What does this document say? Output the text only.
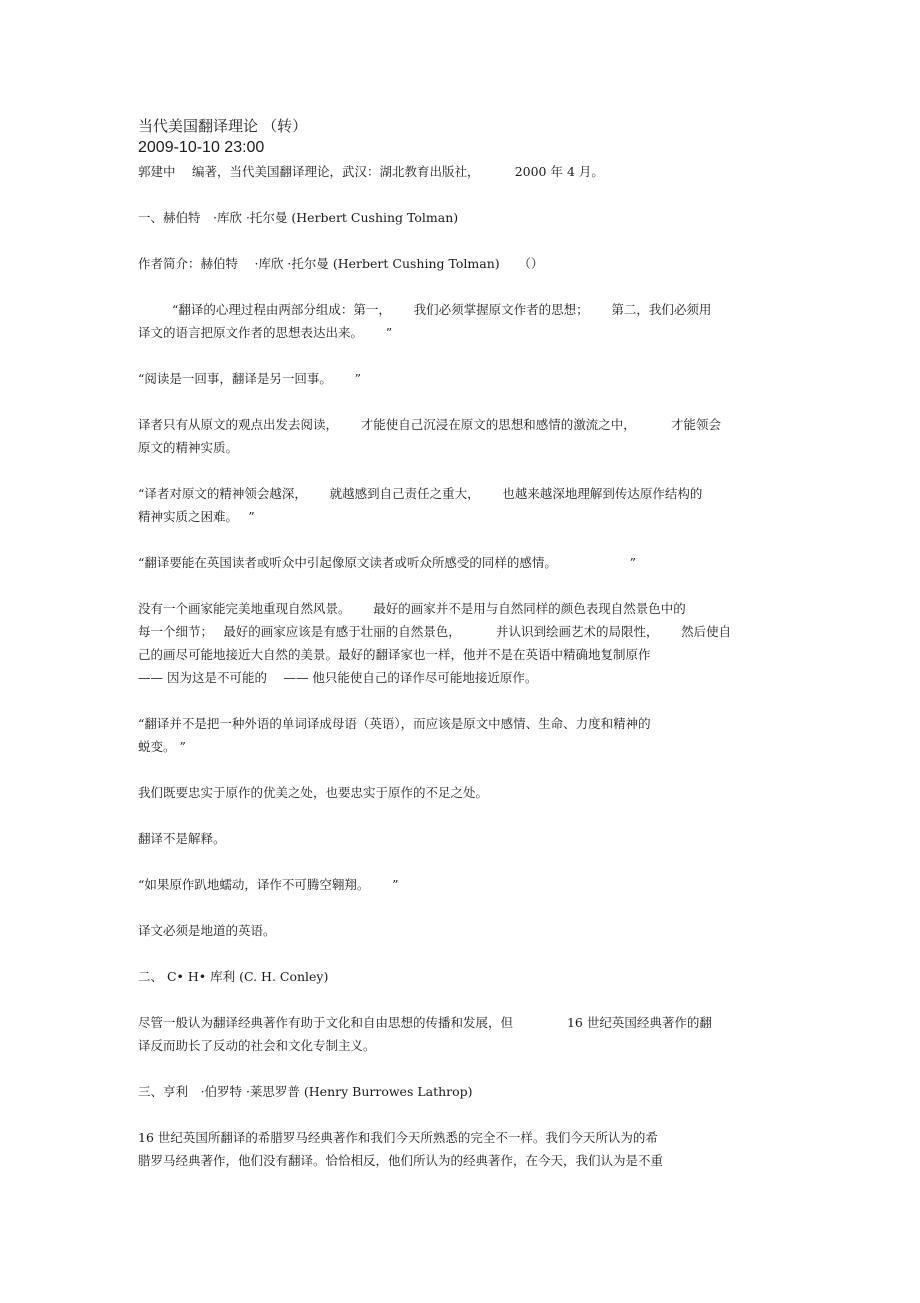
当代美国翻译理论 （转）
2009-10-10 23:00
郭建中　 编著，当代美国翻译理论，武汉：湖北教育出版社，　　　 2000 年 4 月。
一、赫伯特　·库欣 ·托尔曼 (Herbert Cushing Tolman)
作者简介：赫伯特　 ·库欣 ·托尔曼 (Herbert Cushing Tolman)　　（）
“翻译的心理过程由两部分组成：第一，　　 我们必须掌握原文作者的思想；　　 第二，我们必须用
译文的语言把原文作者的思想表达出来。　　 ”
“阅读是一回事，翻译是另一回事。　　 ”
译者只有从原文的观点出发去阅读，　　 才能使自己沉浸在原文的思想和感情的激流之中，　　　 才能领会
原文的精神实质。
“译者对原文的精神领会越深，　　 就越感到自己责任之重大，　　 也越来越深地理解到传达原作结构的
精神实质之困难。　 ”
“翻译要能在英国读者或听众中引起像原文读者或听众所感受的同样的感情。　　　　　　 ”
没有一个画家能完美地重现自然风景。　　 最好的画家并不是用与自然同样的颜色表现自然景色中的
每一个细节；　 最好的画家应该是有感于壮丽的自然景色，　　　 并认识到绘画艺术的局限性，　　 然后使自
己的画尽可能地接近大自然的美景。最好的翻译家也一样，他并不是在英语中精确地复制原作
—— 因为这是不可能的　 —— 他只能使自己的译作尽可能地接近原作。
“翻译并不是把一种外语的单词译成母语（英语），而应该是原文中感情、生命、力度和精神的
蜕变。 ”
我们既要忠实于原作的优美之处，也要忠实于原作的不足之处。
翻译不是解释。
“如果原作趴地蠕动，译作不可腾空翱翔。　　 ”
译文必须是地道的英语。
二、 C• H• 库利 (C. H. Conley)
尽管一般认为翻译经典著作有助于文化和自由思想的传播和发展，但　　　　 16 世纪英国经典著作的翻
译反而助长了反动的社会和文化专制主义。
三、亨利　·伯罗特 ·莱思罗普 (Henry Burrowes Lathrop)
16 世纪英国所翻译的希腊罗马经典著作和我们今天所熟悉的完全不一样。我们今天所认为的希
腊罗马经典著作，他们没有翻译。恰恰相反，他们所认为的经典著作，在今天，我们认为是不重
